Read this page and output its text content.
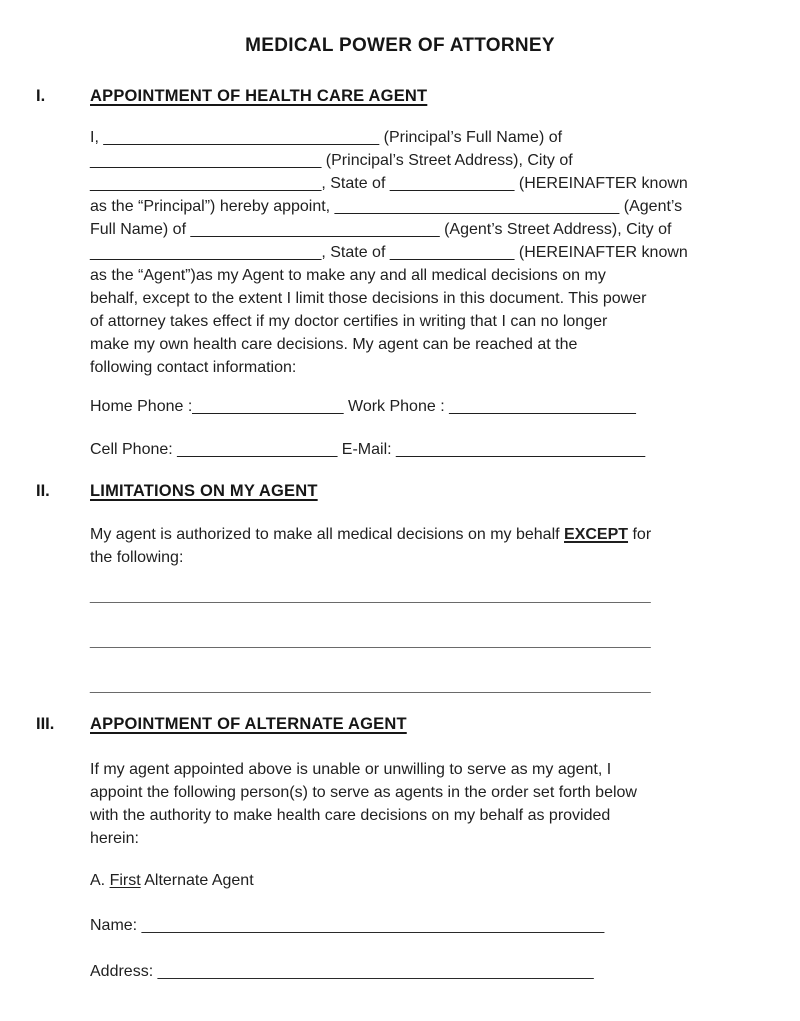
MEDICAL POWER OF ATTORNEY
I.	APPOINTMENT OF HEALTH CARE AGENT
I, _______________________________ (Principal’s Full Name) of
__________________________ (Principal’s Street Address), City of
__________________________, State of ______________ (HEREINAFTER known
as the “Principal”) hereby appoint, ________________________________ (Agent’s
Full Name) of ____________________________ (Agent’s Street Address), City of
__________________________, State of ______________ (HEREINAFTER known
as the “Agent”)as my Agent to make any and all medical decisions on my
behalf, except to the extent I limit those decisions in this document. This power
of attorney takes effect if my doctor certifies in writing that I can no longer
make my own health care decisions. My agent can be reached at the
following contact information:
Home Phone :_________________ Work Phone : _____________________
Cell Phone: __________________ E-Mail: ____________________________
II.	LIMITATIONS ON MY AGENT
My agent is authorized to make all medical decisions on my behalf EXCEPT for
the following:
_______________________________________________________________
_______________________________________________________________
_______________________________________________________________
III.	APPOINTMENT OF ALTERNATE AGENT
If my agent appointed above is unable or unwilling to serve as my agent, I
appoint the following person(s) to serve as agents in the order set forth below
with the authority to make health care decisions on my behalf as provided
herein:
A. First Alternate Agent
Name: ____________________________________________________
Address: _________________________________________________
